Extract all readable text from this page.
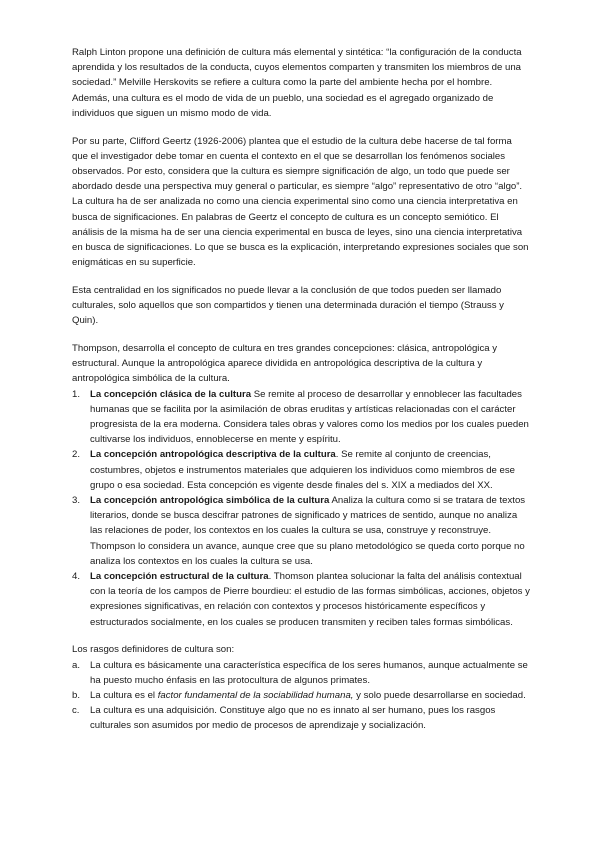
Ralph Linton propone una definición de cultura más elemental y sintética: “la configuración de la conducta aprendida y los resultados de la conducta, cuyos elementos comparten y transmiten los miembros de una sociedad.” Melville Herskovits se refiere a cultura como la parte del ambiente hecha por el hombre. Además, una cultura es el modo de vida de un pueblo, una sociedad es el agregado organizado de individuos que siguen un mismo modo de vida.

Por su parte, Clifford Geertz (1926-2006) plantea que el estudio de la cultura debe hacerse de tal forma que el investigador debe tomar en cuenta el contexto en el que se desarrollan los fenómenos sociales observados. Por esto, considera que la cultura es siempre significación de algo, un todo que puede ser abordado desde una perspectiva muy general o particular, es siempre “algo” representativo de otro “algo”. La cultura ha de ser analizada no como una ciencia experimental sino como una ciencia interpretativa en busca de significaciones. En palabras de Geertz el concepto de cultura es un concepto semiótico. El análisis de la misma ha de ser una ciencia experimental en busca de leyes, sino una ciencia interpretativa en busca de significaciones. Lo que se busca es la explicación, interpretando expresiones sociales que son enigmáticas en su superficie.

Esta centralidad en los significados no puede llevar a la conclusión de que todos pueden ser llamado culturales, solo aquellos que son compartidos y tienen una determinada duración el tiempo (Strauss y Quin).

Thompson, desarrolla el concepto de cultura en tres grandes concepciones: clásica, antropológica y estructural. Aunque la antropológica aparece dividida en antropológica descriptiva de la cultura y antropológica simbólica de la cultura.

1. La concepción clásica de la cultura Se remite al proceso de desarrollar y ennoblecer las facultades humanas que se facilita por la asimilación de obras eruditas y artísticas relacionadas con el carácter progresista de la era moderna. Considera tales obras y valores como los medios por los cuales pueden cultivarse los individuos, ennoblecerse en mente y espíritu.
2. La concepción antropológica descriptiva de la cultura. Se remite al conjunto de creencias, costumbres, objetos e instrumentos materiales que adquieren los individuos como miembros de ese grupo o esa sociedad. Esta concepción es vigente desde finales del s. XIX a mediados del XX.
3. La concepción antropológica simbólica de la cultura Analiza la cultura como si se tratara de textos literarios, donde se busca descifrar patrones de significado y matrices de sentido, aunque no analiza las relaciones de poder, los contextos en los cuales la cultura se usa, construye y reconstruye. Thompson lo considera un avance, aunque cree que su plano metodológico se queda corto porque no analiza los contextos en los cuales la cultura se usa.
4. La concepción estructural de la cultura. Thomson plantea solucionar la falta del análisis contextual con la teoría de los campos de Pierre bourdieu: el estudio de las formas simbólicas, acciones, objetos y expresiones significativas, en relación con contextos y procesos históricamente específicos y estructurados socialmente, en los cuales se producen transmiten y reciben tales formas simbólicas.

Los rasgos definidores de cultura son:

a. La cultura es básicamente una característica específica de los seres humanos, aunque actualmente se ha puesto mucho énfasis en las protocultura de algunos primates.
b. La cultura es el factor fundamental de la sociabilidad humana, y solo puede desarrollarse en sociedad.
c. La cultura es una adquisición. Constituye algo que no es innato al ser humano, pues los rasgos culturales son asumidos por medio de procesos de aprendizaje y socialización.
